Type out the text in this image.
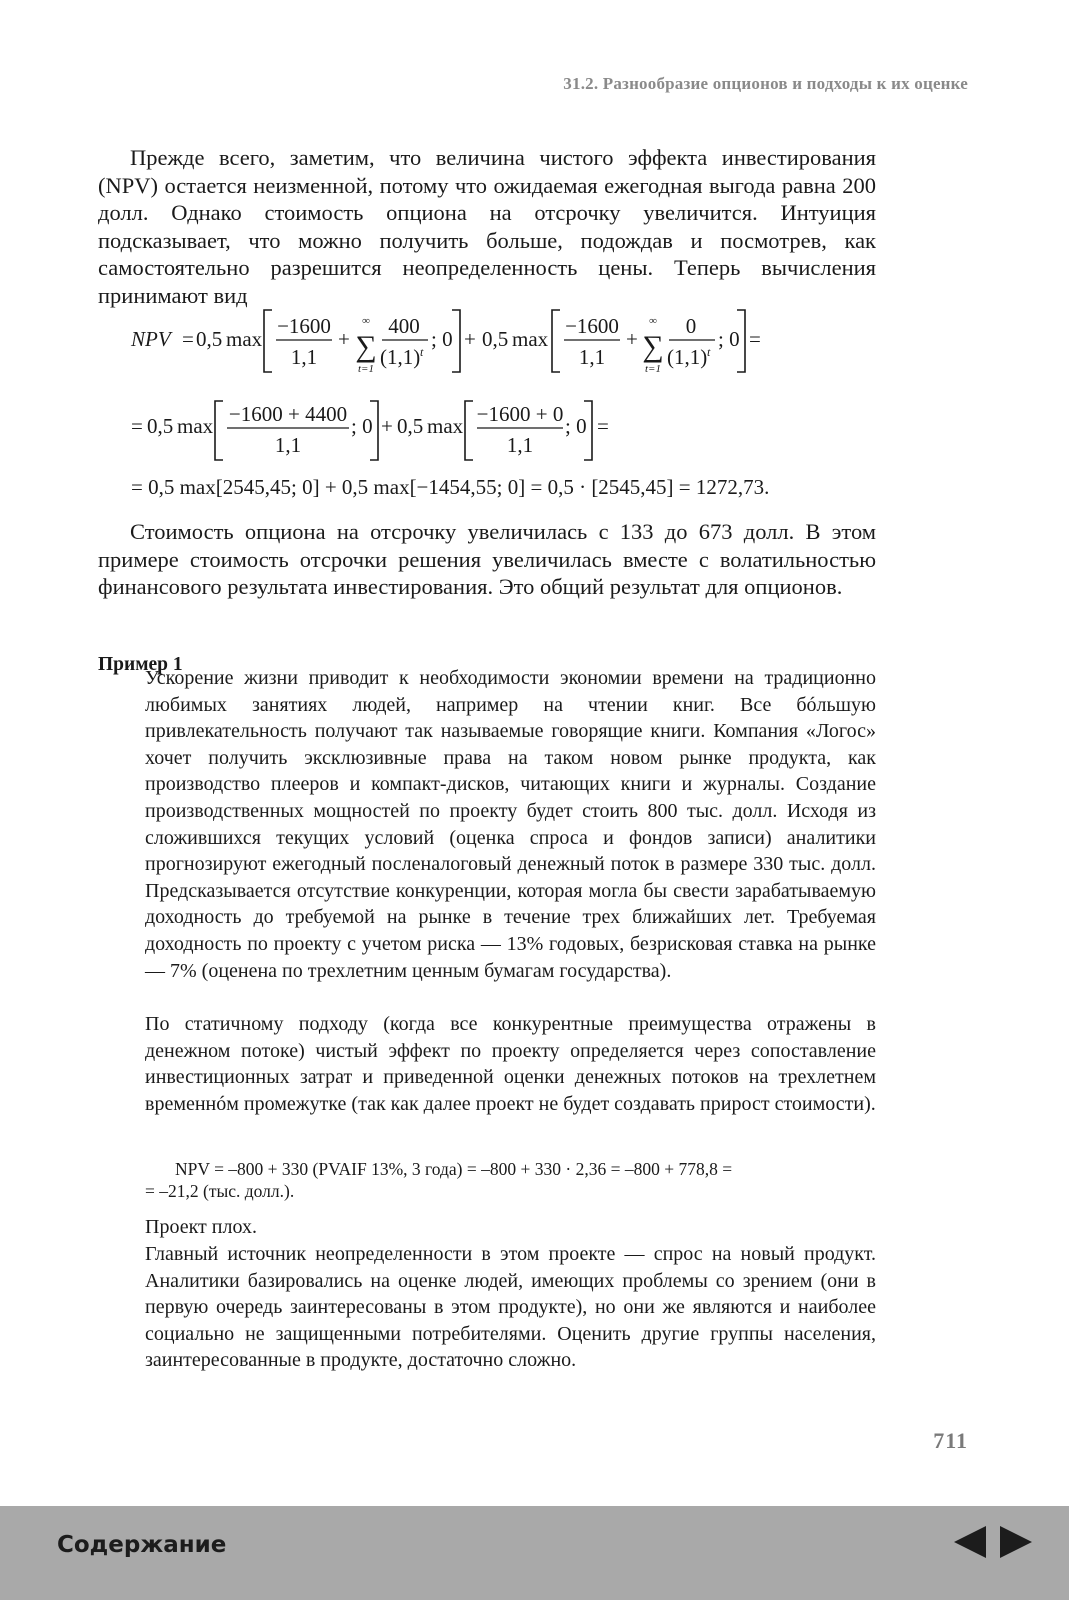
31.2. Разнообразие опционов и подходы к их оценке

Прежде всего, заметим, что величина чистого эффекта инвестирования (NPV) остается неизменной, потому что ожидаемая ежегодная выгода равна 200 долл. Однако стоимость опциона на отсрочку увеличится. Интуиция подсказывает, что можно получить больше, подождав и посмотрев, как самостоятельно разрешится неопределенность цены. Теперь вычисления принимают вид

NPV = 0,5 max
−1600
1,1
+
∞
∑
t=1
400
(1,1) t
; 0 + 0,5 max
−1600
1,1
+
∞
∑
t=1
0
(1,1) t
; 0 =
= 0,5 max −1600 + 4400
1,1
; 0 + 0,5 max −1600 + 0
1,1
; 0 =
= 0,5 max[2545,45; 0] + 0,5 max[−1454,55; 0] = 0,5 · [2545,45] = 1272,73.

Стоимость опциона на отсрочку увеличилась с 133 до 673 долл. В этом примере стоимость отсрочки решения увеличилась вместе с волатильностью финансового результата инвестирования. Это общий результат для опционов.

Пример 1

Ускорение жизни приводит к необходимости экономии времени на традиционно любимых занятиях людей, например на чтении книг. Все бóльшую привлекательность получают так называемые говорящие книги. Компания «Логос» хочет получить эксклюзивные права на таком новом рынке продукта, как производство плееров и компакт-дисков, читающих книги и журналы. Создание производственных мощностей по проекту будет стоить 800 тыс. долл. Исходя из сложившихся текущих условий (оценка спроса и фондов записи) аналитики прогнозируют ежегодный посленалоговый денежный поток в размере 330 тыс. долл. Предсказывается отсутствие конкуренции, которая могла бы свести зарабатываемую доходность до требуемой на рынке в течение трех ближайших лет. Требуемая доходность по проекту с учетом риска — 13% годовых, безрисковая ставка на рынке — 7% (оценена по трехлетним ценным бумагам государства).

По статичному подходу (когда все конкурентные преимущества отражены в денежном потоке) чистый эффект по проекту определяется через сопоставление инвестиционных затрат и приведенной оценки денежных потоков на трехлетнем временнóм промежутке (так как далее проект не будет создавать прирост стоимости).

NPV = –800 + 330 (PVAIF 13%, 3 года) = –800 + 330 · 2,36 = –800 + 778,8 =
= –21,2 (тыс. долл.).

Проект плох.

Главный источник неопределенности в этом проекте — спрос на новый продукт. Аналитики базировались на оценке людей, имеющих проблемы со зрением (они в первую очередь заинтересованы в этом продукте), но они же являются и наиболее социально не защищенными потребителями. Оценить другие группы населения, заинтересованные в продукте, достаточно сложно.

711
Содержание
